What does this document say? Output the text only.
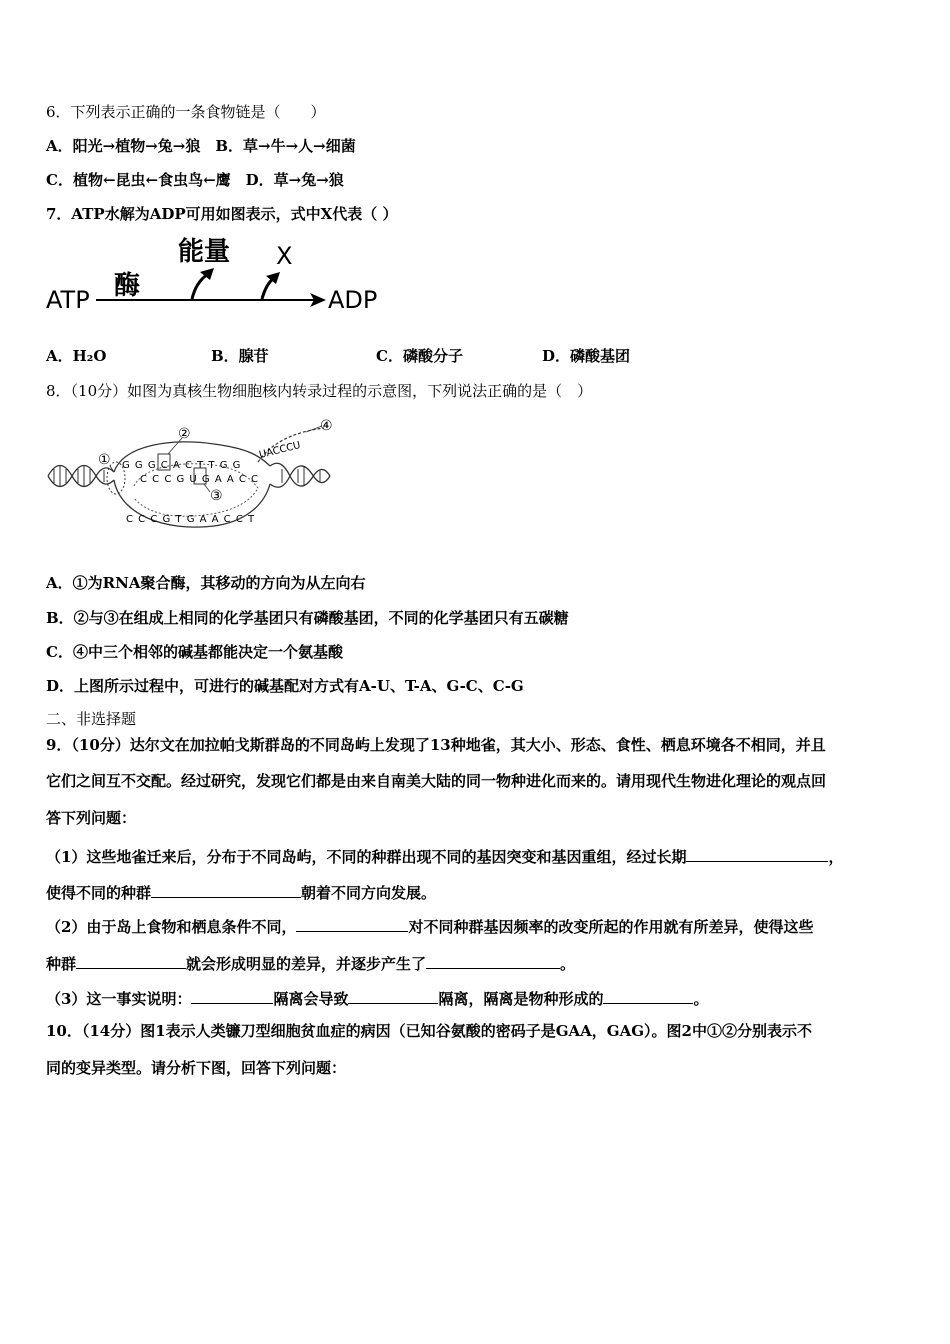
6．下列表示正确的一条食物链是（　　）
A．阳光→植物→兔→狼　B．草→牛→人→细菌
C．植物←昆虫←食虫鸟←鹰　D．草→兔→狼
7．ATP水解为ADP可用如图表示，式中X代表（ ）
ATP 酶
能量 X
ADP
A．H₂O	B．腺苷	C．磷酸分子	D．磷酸基团
8．（10分）如图为真核生物细胞核内转录过程的示意图，下列说法正确的是（　）
①
②
③
④
G G G C A C T T G G
C C C G U G A A C C
C C C G T G A A C C T
UACCCU
A．①为RNA聚合酶，其移动的方向为从左向右
B．②与③在组成上相同的化学基团只有磷酸基团，不同的化学基团只有五碳糖
C．④中三个相邻的碱基都能决定一个氨基酸
D．上图所示过程中，可进行的碱基配对方式有A-U、T-A、G-C、C-G
二、非选择题
9．（10分）达尔文在加拉帕戈斯群岛的不同岛屿上发现了13种地雀，其大小、形态、食性、栖息环境各不相同，并且
它们之间互不交配。经过研究，发现它们都是由来自南美大陆的同一物种进化而来的。请用现代生物进化理论的观点回
答下列问题：
（1）这些地雀迁来后，分布于不同岛屿，不同的种群出现不同的基因突变和基因重组，经过长期	，
使得不同的种群	朝着不同方向发展。
（2）由于岛上食物和栖息条件不同，	对不同种群基因频率的改变所起的作用就有所差异，使得这些
种群	就会形成明显的差异，并逐步产生了	。
（3）这一事实说明：	隔离会导致	隔离，隔离是物种形成的	。
10．（14分）图1表示人类镰刀型细胞贫血症的病因（已知谷氨酸的密码子是GAA，GAG）。图2中①②分别表示不
同的变异类型。请分析下图，回答下列问题：
